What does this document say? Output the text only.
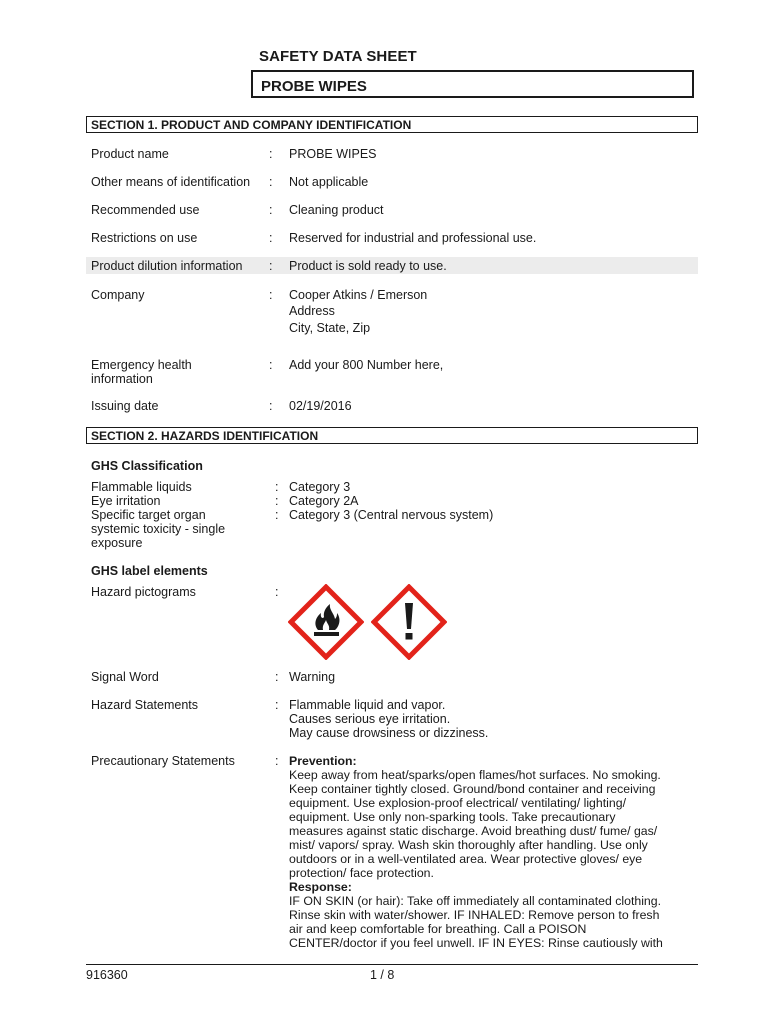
SAFETY DATA SHEET
PROBE WIPES
SECTION 1. PRODUCT AND COMPANY IDENTIFICATION
Product name	: PROBE WIPES
Other means of identification : Not applicable
Recommended use	: Cleaning product
Restrictions on use	: Reserved for industrial and professional use.
Product dilution information : Product is sold ready to use.
Company	: Cooper Atkins / Emerson
Address
City, State, Zip
Emergency health
information
: Add your 800 Number here,
Issuing date	: 02/19/2016
SECTION 2. HAZARDS IDENTIFICATION
GHS Classification
Flammable liquids	: Category 3
Eye irritation	: Category 2A
Specific target organ	: Category 3 (Central nervous system)
systemic toxicity - single
exposure
GHS label elements
Hazard pictograms	:
Signal Word	: Warning
Hazard Statements	: Flammable liquid and vapor.
Causes serious eye irritation.
May cause drowsiness or dizziness.
Precautionary Statements	: Prevention:
Keep away from heat/sparks/open flames/hot surfaces. No smoking.
Keep container tightly closed. Ground/bond container and receiving
equipment. Use explosion-proof electrical/ ventilating/ lighting/
equipment. Use only non-sparking tools. Take precautionary
measures against static discharge. Avoid breathing dust/ fume/ gas/
mist/ vapors/ spray. Wash skin thoroughly after handling. Use only
outdoors or in a well-ventilated area. Wear protective gloves/ eye
protection/ face protection.
Response:
IF ON SKIN (or hair): Take off immediately all contaminated clothing.
Rinse skin with water/shower. IF INHALED: Remove person to fresh
air and keep comfortable for breathing. Call a POISON
CENTER/doctor if you feel unwell. IF IN EYES: Rinse cautiously with
916360	1 / 8
